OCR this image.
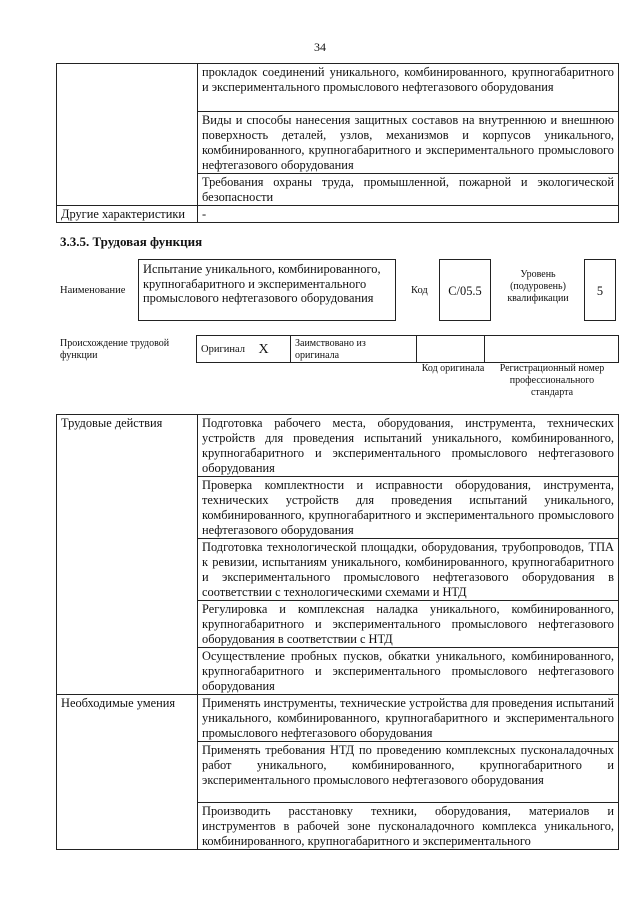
34
	прокладок соединений уникального, комбинированного, крупногабаритного и экспериментального промыслового нефтегазового оборудования
	Виды и способы нанесения защитных составов на внутреннюю и внешнюю поверхность деталей, узлов, механизмов и корпусов уникального, комбинированного, крупногабаритного и экспериментального промыслового нефтегазового оборудования
	Требования охраны труда, промышленной, пожарной и экологической безопасности
Другие характеристики	-
3.3.5. Трудовая функция
Наименование
Испытание уникального, комбинированного, крупногабаритного и экспериментального промыслового нефтегазового оборудования
Код	C/05.5
Уровень (подуровень) квалификации
5
Происхождение трудовой функции
Оригинал	X	Заимствовано из оригинала		
Код оригинала	Регистрационный номер профессионального стандарта
Трудовые действия	Подготовка рабочего места, оборудования, инструмента, технических устройств для проведения испытаний уникального, комбинированного, крупногабаритного и экспериментального промыслового нефтегазового оборудования
	Проверка комплектности и исправности оборудования, инструмента, технических устройств для проведения испытаний уникального, комбинированного, крупногабаритного и экспериментального промыслового нефтегазового оборудования
	Подготовка технологической площадки, оборудования, трубопроводов, ТПА к ревизии, испытаниям уникального, комбинированного, крупногабаритного и экспериментального промыслового нефтегазового оборудования в соответствии с технологическими схемами и НТД
	Регулировка и комплексная наладка уникального, комбинированного, крупногабаритного и экспериментального промыслового нефтегазового оборудования в соответствии с НТД
	Осуществление пробных пусков, обкатки уникального, комбинированного, крупногабаритного и экспериментального промыслового нефтегазового оборудования
Необходимые умения	Применять инструменты, технические устройства для проведения испытаний уникального, комбинированного, крупногабаритного и экспериментального промыслового нефтегазового оборудования
	Применять требования НТД по проведению комплексных пусконаладочных работ уникального, комбинированного, крупногабаритного и экспериментального промыслового нефтегазового оборудования
	Производить расстановку техники, оборудования, материалов и инструментов в рабочей зоне пусконаладочного комплекса уникального, комбинированного, крупногабаритного и экспериментального
